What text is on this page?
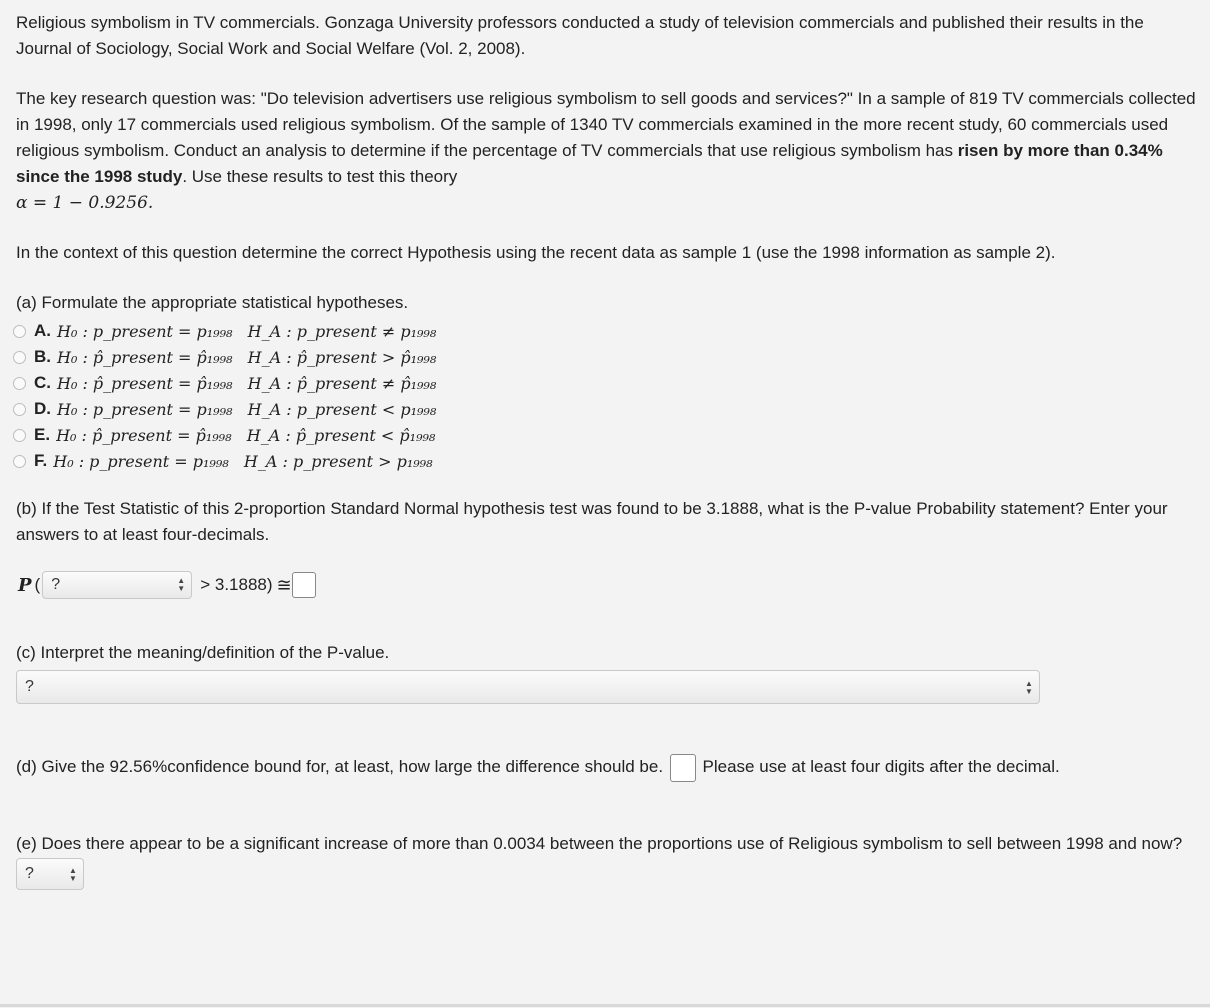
Religious symbolism in TV commercials. Gonzaga University professors conducted a study of television commercials and published their results in the Journal of Sociology, Social Work and Social Welfare (Vol. 2, 2008).

The key research question was: "Do television advertisers use religious symbolism to sell goods and services?" In a sample of 819 TV commercials collected in 1998, only 17 commercials used religious symbolism. Of the sample of 1340 TV commercials examined in the more recent study, 60 commercials used religious symbolism. Conduct an analysis to determine if the percentage of TV commercials that use religious symbolism has risen by more than 0.34% since the 1998 study. Use these results to test this theory
α = 1 − 0.9256.

In the context of this question determine the correct Hypothesis using the recent data as sample 1 (use the 1998 information as sample 2).

(a) Formulate the appropriate statistical hypotheses.

A. H₀ : p_present = p₁₉₉₈   H_A : p_present ≠ p₁₉₉₈
B. H₀ : p̂_present = p̂₁₉₉₈   H_A : p̂_present > p̂₁₉₉₈
C. H₀ : p̂_present = p̂₁₉₉₈   H_A : p̂_present ≠ p̂₁₉₉₈
D. H₀ : p_present = p₁₉₉₈   H_A : p_present < p₁₉₉₈
E. H₀ : p̂_present = p̂₁₉₉₈   H_A : p̂_present < p̂₁₉₉₈
F. H₀ : p_present = p₁₉₉₈   H_A : p_present > p₁₉₉₈

(b) If the Test Statistic of this 2-proportion Standard Normal hypothesis test was found to be 3.1888, what is the P-value Probability statement? Enter your answers to at least four-decimals.

P ( ?	▲
▼ > 3.1888) ≅

(c) Interpret the meaning/definition of the P-value.

?	▲
▼

(d) Give the 92.56%confidence bound for, at least, how large the difference should be. Please use at least four digits after the decimal.

(e) Does there appear to be a significant increase of more than 0.0034 between the proportions use of Religious symbolism to sell between 1998 and now? ?	▲
▼
